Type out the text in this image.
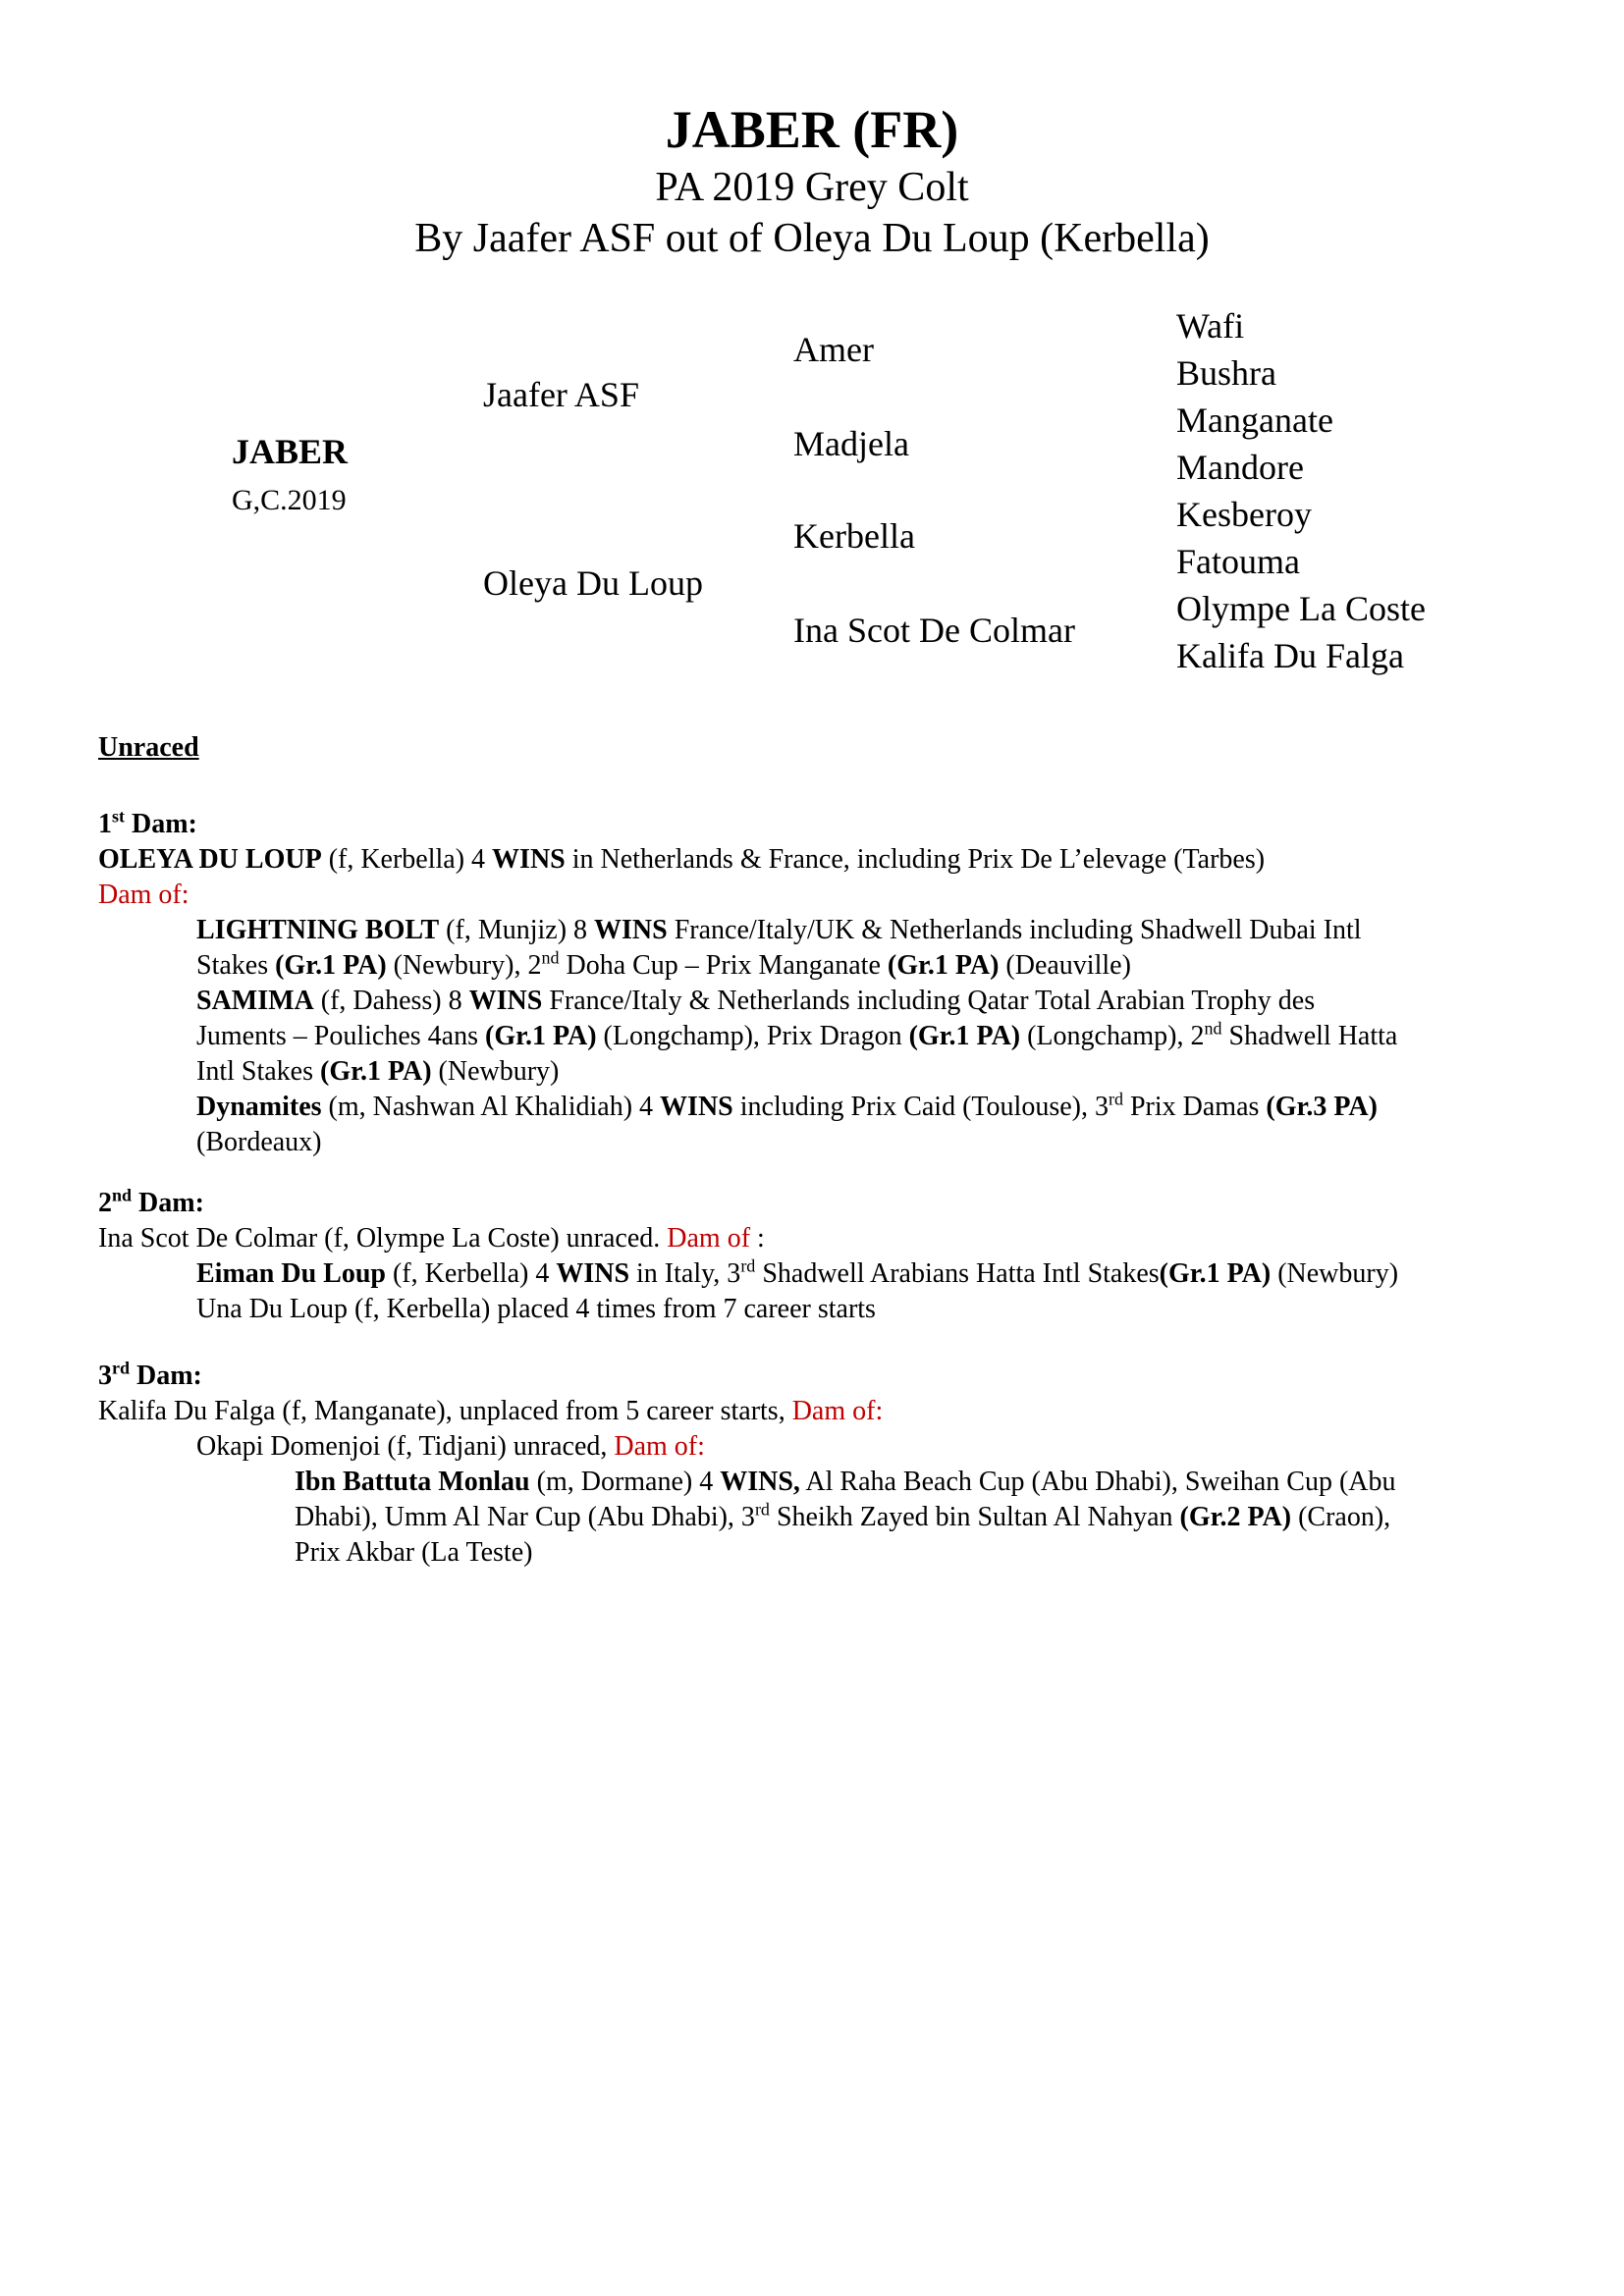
JABER (FR)
PA 2019 Grey Colt
By Jaafer ASF out of Oleya Du Loup (Kerbella)
JABER
G,C.2019
Jaafer ASF
Oleya Du Loup
Amer
Madjela
Kerbella
Ina Scot De Colmar
Wafi
Bushra
Manganate
Mandore
Kesberoy
Fatouma
Olympe La Coste
Kalifa Du Falga
Unraced
1st Dam:
OLEYA DU LOUP (f, Kerbella) 4 WINS in Netherlands & France, including Prix De L’elevage (Tarbes)
Dam of:
LIGHTNING BOLT (f, Munjiz) 8 WINS France/Italy/UK & Netherlands including Shadwell Dubai Intl
Stakes (Gr.1 PA) (Newbury), 2nd Doha Cup – Prix Manganate (Gr.1 PA) (Deauville)
SAMIMA (f, Dahess) 8 WINS France/Italy & Netherlands including Qatar Total Arabian Trophy des
Juments – Pouliches 4ans (Gr.1 PA) (Longchamp), Prix Dragon (Gr.1 PA) (Longchamp), 2nd Shadwell Hatta
Intl Stakes (Gr.1 PA) (Newbury)
Dynamites (m, Nashwan Al Khalidiah) 4 WINS including Prix Caid (Toulouse), 3rd Prix Damas (Gr.3 PA)
(Bordeaux)
2nd Dam:
Ina Scot De Colmar (f, Olympe La Coste) unraced. Dam of :
Eiman Du Loup (f, Kerbella) 4 WINS in Italy, 3rd Shadwell Arabians Hatta Intl Stakes(Gr.1 PA) (Newbury)
Una Du Loup (f, Kerbella) placed 4 times from 7 career starts
3rd Dam:
Kalifa Du Falga (f, Manganate), unplaced from 5 career starts, Dam of:
Okapi Domenjoi (f, Tidjani) unraced, Dam of:
Ibn Battuta Monlau (m, Dormane) 4 WINS, Al Raha Beach Cup (Abu Dhabi), Sweihan Cup (Abu
Dhabi), Umm Al Nar Cup (Abu Dhabi), 3rd Sheikh Zayed bin Sultan Al Nahyan (Gr.2 PA) (Craon),
Prix Akbar (La Teste)
